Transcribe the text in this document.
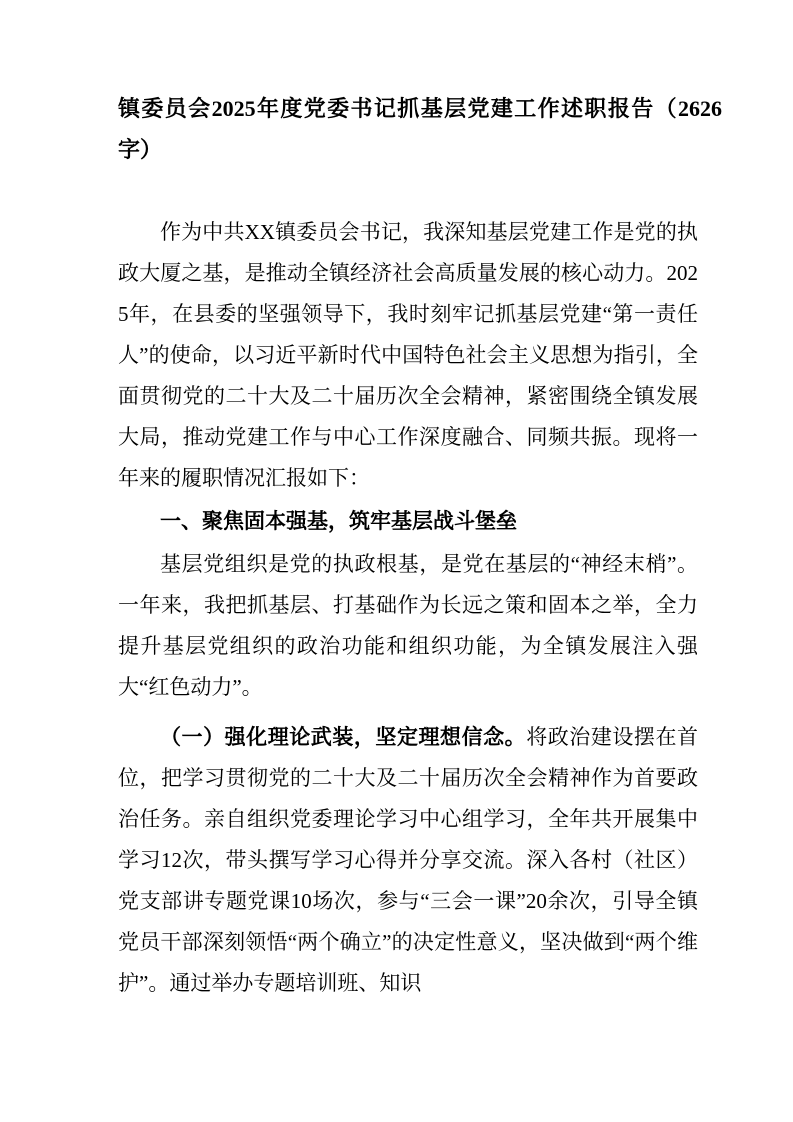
镇委员会2025年度党委书记抓基层党建工作述职报告（2626字）

作为中共XX镇委员会书记，我深知基层党建工作是党的执政大厦之基，是推动全镇经济社会高质量发展的核心动力。2025年，在县委的坚强领导下，我时刻牢记抓基层党建“第一责任人”的使命，以习近平新时代中国特色社会主义思想为指引，全面贯彻党的二十大及二十届历次全会精神，紧密围绕全镇发展大局，推动党建工作与中心工作深度融合、同频共振。现将一年来的履职情况汇报如下：

一、聚焦固本强基，筑牢基层战斗堡垒

基层党组织是党的执政根基，是党在基层的“神经末梢”。一年来，我把抓基层、打基础作为长远之策和固本之举，全力提升基层党组织的政治功能和组织功能，为全镇发展注入强大“红色动力”。

（一）强化理论武装，坚定理想信念。将政治建设摆在首位，把学习贯彻党的二十大及二十届历次全会精神作为首要政治任务。亲自组织党委理论学习中心组学习，全年共开展集中学习12次，带头撰写学习心得并分享交流。深入各村（社区）党支部讲专题党课10场次，参与“三会一课”20余次，引导全镇党员干部深刻领悟“两个确立”的决定性意义，坚决做到“两个维护”。通过举办专题培训班、知识
